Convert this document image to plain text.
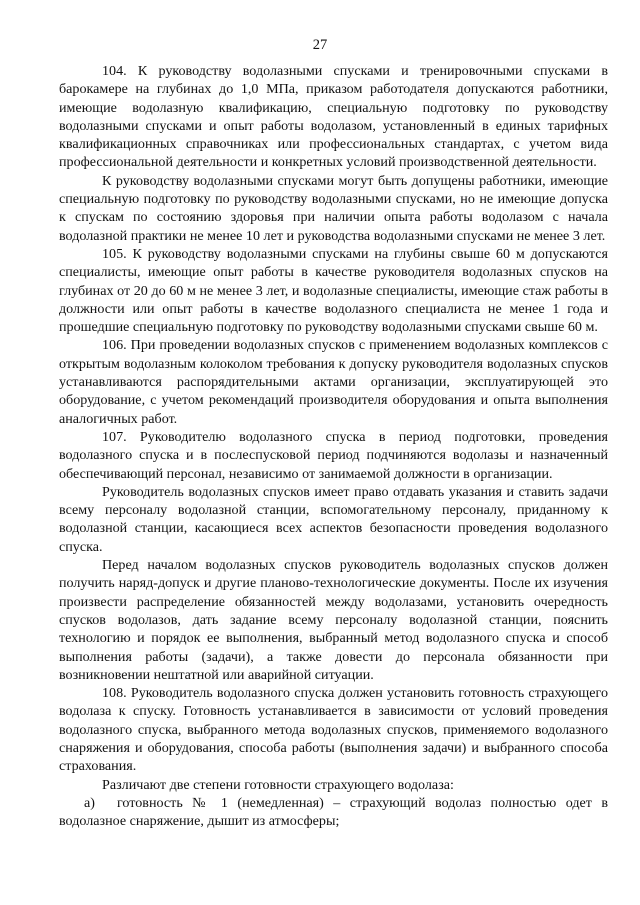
27

104. К руководству водолазными спусками и тренировочными спусками в барокамере на глубинах до 1,0 МПа, приказом работодателя допускаются работники, имеющие водолазную квалификацию, специальную подготовку по руководству водолазными спусками и опыт работы водолазом, установленный в единых тарифных квалификационных справочниках или профессиональных стандартах, с учетом вида профессиональной деятельности и конкретных условий производственной деятельности.

К руководству водолазными спусками могут быть допущены работники, имеющие специальную подготовку по руководству водолазными спусками, но не имеющие допуска к спускам по состоянию здоровья при наличии опыта работы водолазом с начала водолазной практики не менее 10 лет и руководства водолазными спусками не менее 3 лет.

105. К руководству водолазными спусками на глубины свыше 60 м допускаются специалисты, имеющие опыт работы в качестве руководителя водолазных спусков на глубинах от 20 до 60 м не менее 3 лет, и водолазные специалисты, имеющие стаж работы в должности или опыт работы в качестве водолазного специалиста не менее 1 года и прошедшие специальную подготовку по руководству водолазными спусками свыше 60 м.

106. При проведении водолазных спусков с применением водолазных комплексов с открытым водолазным колоколом требования к допуску руководителя водолазных спусков устанавливаются распорядительными актами организации, эксплуатирующей это оборудование, с учетом рекомендаций производителя оборудования и опыта выполнения аналогичных работ.

107. Руководителю водолазного спуска в период подготовки, проведения водолазного спуска и в послеспусковой период подчиняются водолазы и назначенный обеспечивающий персонал, независимо от занимаемой должности в организации.

Руководитель водолазных спусков имеет право отдавать указания и ставить задачи всему персоналу водолазной станции, вспомогательному персоналу, приданному к водолазной станции, касающиеся всех аспектов безопасности проведения водолазного спуска.

Перед началом водолазных спусков руководитель водолазных спусков должен получить наряд-допуск и другие планово-технологические документы. После их изучения произвести распределение обязанностей между водолазами, установить очередность спусков водолазов, дать задание всему персоналу водолазной станции, пояснить технологию и порядок ее выполнения, выбранный метод водолазного спуска и способ выполнения работы (задачи), а также довести до персонала обязанности при возникновении нештатной или аварийной ситуации.

108. Руководитель водолазного спуска должен установить готовность страхующего водолаза к спуску. Готовность устанавливается в зависимости от условий проведения водолазного спуска, выбранного метода водолазных спусков, применяемого водолазного снаряжения и оборудования, способа работы (выполнения задачи) и выбранного способа страхования.

Различают две степени готовности страхующего водолаза:

а) готовность № 1 (немедленная) – страхующий водолаз полностью одет в водолазное снаряжение, дышит из атмосферы;
